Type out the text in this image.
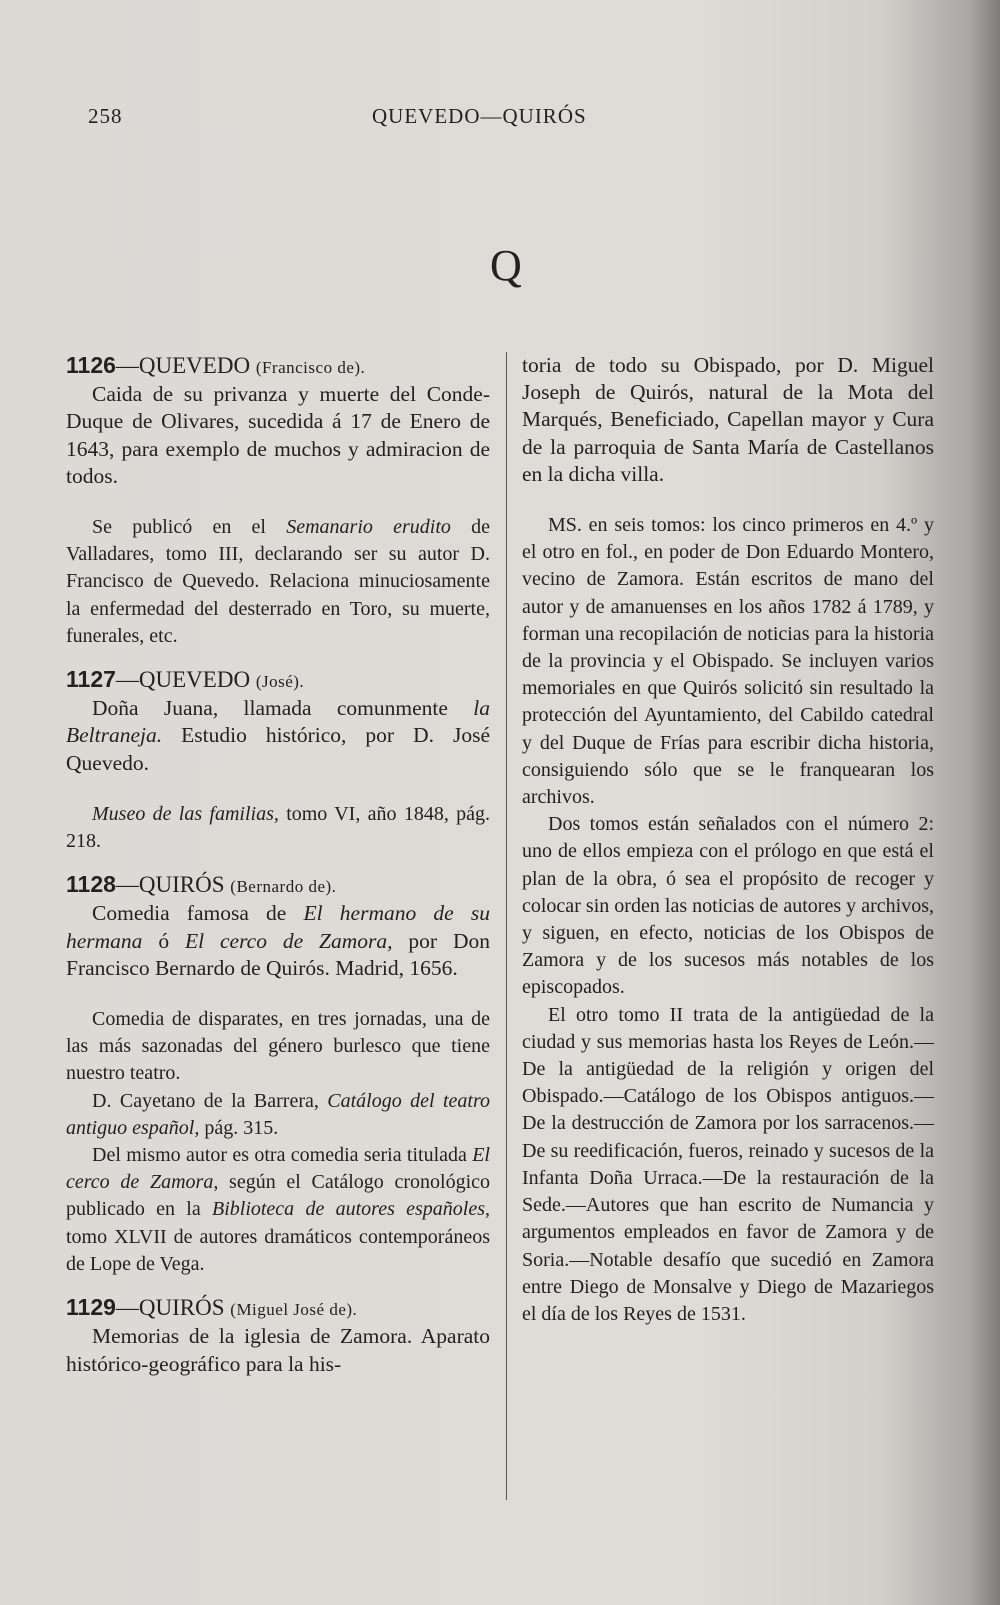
258	QUEVEDO—QUIRÓS
Q

1126—QUEVEDO (Francisco de).

Caida de su privanza y muerte del Conde-Duque de Olivares, sucedida á 17 de Enero de 1643, para exemplo de muchos y admiracion de todos.

Se publicó en el Semanario erudito de Valladares, tomo III, declarando ser su autor D. Francisco de Quevedo. Relaciona minuciosamente la enfermedad del desterrado en Toro, su muerte, funerales, etc.

1127—QUEVEDO (José).

Doña Juana, llamada comunmente la Beltraneja. Estudio histórico, por D. José Quevedo.

Museo de las familias, tomo VI, año 1848, pág. 218.

1128—QUIRÓS (Bernardo de).

Comedia famosa de El hermano de su hermana ó El cerco de Zamora, por Don Francisco Bernardo de Quirós. Madrid, 1656.

Comedia de disparates, en tres jornadas, una de las más sazonadas del género burlesco que tiene nuestro teatro.

D. Cayetano de la Barrera, Catálogo del teatro antiguo español, pág. 315.

Del mismo autor es otra comedia seria titulada El cerco de Zamora, según el Catálogo cronológico publicado en la Biblioteca de autores españoles, tomo XLVII de autores dramáticos contemporáneos de Lope de Vega.

1129—QUIRÓS (Miguel José de).

Memorias de la iglesia de Zamora. Aparato histórico-geográfico para la his-

toria de todo su Obispado, por D. Miguel Joseph de Quirós, natural de la Mota del Marqués, Beneficiado, Capellan mayor y Cura de la parroquia de Santa María de Castellanos en la dicha villa.

MS. en seis tomos: los cinco primeros en 4.º y el otro en fol., en poder de Don Eduardo Montero, vecino de Zamora. Están escritos de mano del autor y de amanuenses en los años 1782 á 1789, y forman una recopilación de noticias para la historia de la provincia y el Obispado. Se incluyen varios memoriales en que Quirós solicitó sin resultado la protección del Ayuntamiento, del Cabildo catedral y del Duque de Frías para escribir dicha historia, consiguiendo sólo que se le franquearan los archivos.

Dos tomos están señalados con el número 2: uno de ellos empieza con el prólogo en que está el plan de la obra, ó sea el propósito de recoger y colocar sin orden las noticias de autores y archivos, y siguen, en efecto, noticias de los Obispos de Zamora y de los sucesos más notables de los episcopados.

El otro tomo II trata de la antigüedad de la ciudad y sus memorias hasta los Reyes de León.—De la antigüedad de la religión y origen del Obispado.—Catálogo de los Obispos antiguos.—De la destrucción de Zamora por los sarracenos.—De su reedificación, fueros, reinado y sucesos de la Infanta Doña Urraca.—De la restauración de la Sede.—Autores que han escrito de Numancia y argumentos empleados en favor de Zamora y de Soria.—Notable desafío que sucedió en Zamora entre Diego de Monsalve y Diego de Mazariegos el día de los Reyes de 1531.
